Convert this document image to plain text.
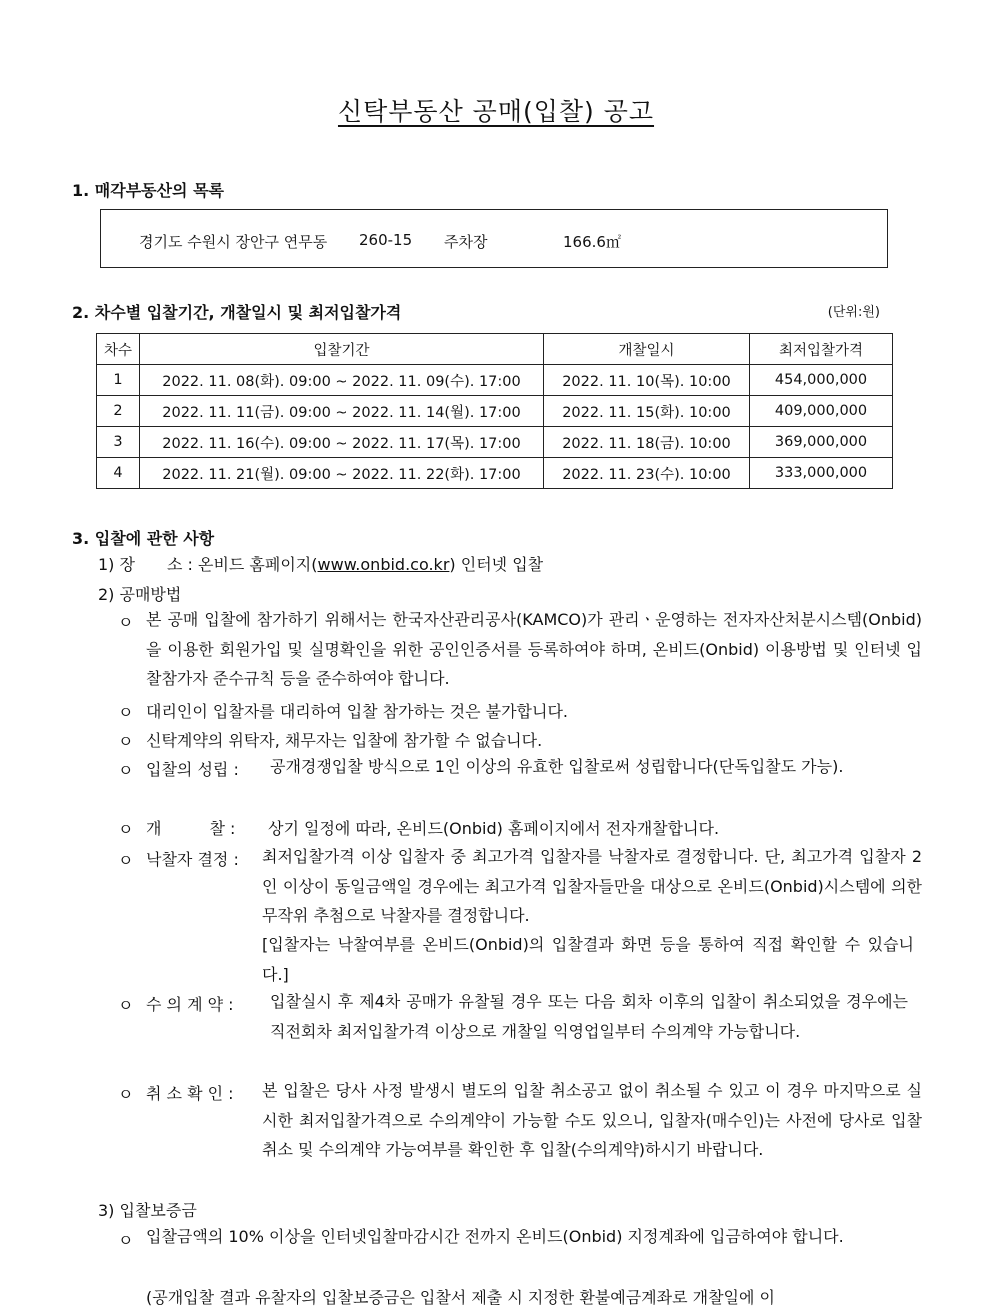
신탁부동산 공매(입찰) 공고
1. 매각부동산의 목록
경기도 수원시 장안구 연무동 260-15 주차장	166.6㎡
2. 차수별 입찰기간, 개찰일시 및 최저입찰가격	(단위:원)
차수	입찰기간	개찰일시	최저입찰가격
1	2022. 11. 08(화). 09:00 ~ 2022. 11. 09(수). 17:00	2022. 11. 10(목). 10:00	454,000,000
2	2022. 11. 11(금). 09:00 ~ 2022. 11. 14(월). 17:00	2022. 11. 15(화). 10:00	409,000,000
3	2022. 11. 16(수). 09:00 ~ 2022. 11. 17(목). 17:00	2022. 11. 18(금). 10:00	369,000,000
4	2022. 11. 21(월). 09:00 ~ 2022. 11. 22(화). 17:00	2022. 11. 23(수). 10:00	333,000,000
3. 입찰에 관한 사항
1) 장　　소 : 온비드 홈페이지(www.onbid.co.kr) 인터넷 입찰
2) 공매방법
ㅇ 본 공매 입찰에 참가하기 위해서는 한국자산관리공사(KAMCO)가 관리ㆍ운영하는 전자자산처분시스템(Onbid)을 이용한 회원가입 및 실명확인을 위한 공인인증서를 등록하여야 하며, 온비드(Onbid) 이용방법 및 인터넷 입찰참가자 준수규칙 등을 준수하여야 합니다.
ㅇ 대리인이 입찰자를 대리하여 입찰 참가하는 것은 불가합니다.
ㅇ 신탁계약의 위탁자, 채무자는 입찰에 참가할 수 없습니다.
ㅇ 입찰의 성립 : 공개경쟁입찰 방식으로 1인 이상의 유효한 입찰로써 성립합니다(단독입찰도 가능).
ㅇ 개　　　찰 : 상기 일정에 따라, 온비드(Onbid) 홈페이지에서 전자개찰합니다.
ㅇ 낙찰자 결정 : 최저입찰가격 이상 입찰자 중 최고가격 입찰자를 낙찰자로 결정합니다. 단, 최고가격 입찰자 2인 이상이 동일금액일 경우에는 최고가격 입찰자들만을 대상으로 온비드(Onbid)시스템에 의한 무작위 추첨으로 낙찰자를 결정합니다.
[입찰자는 낙찰여부를 온비드(Onbid)의 입찰결과 화면 등을 통하여 직접 확인할 수 있습니다.]
ㅇ 수 의 계 약 : 입찰실시 후 제4차 공매가 유찰될 경우 또는 다음 회차 이후의 입찰이 취소되었을 경우에는 직전회차 최저입찰가격 이상으로 개찰일 익영업일부터 수의계약 가능합니다.
ㅇ 취 소 확 인 : 본 입찰은 당사 사정 발생시 별도의 입찰 취소공고 없이 취소될 수 있고 이 경우 마지막으로 실시한 최저입찰가격으로 수의계약이 가능할 수도 있으니, 입찰자(매수인)는 사전에 당사로 입찰 취소 및 수의계약 가능여부를 확인한 후 입찰(수의계약)하시기 바랍니다.
3) 입찰보증금
ㅇ 입찰금액의 10% 이상을 인터넷입찰마감시간 전까지 온비드(Onbid) 지정계좌에 입금하여야 합니다.
(공개입찰 결과 유찰자의 입찰보증금은 입찰서 제출 시 지정한 환불예금계좌로 개찰일에 이
